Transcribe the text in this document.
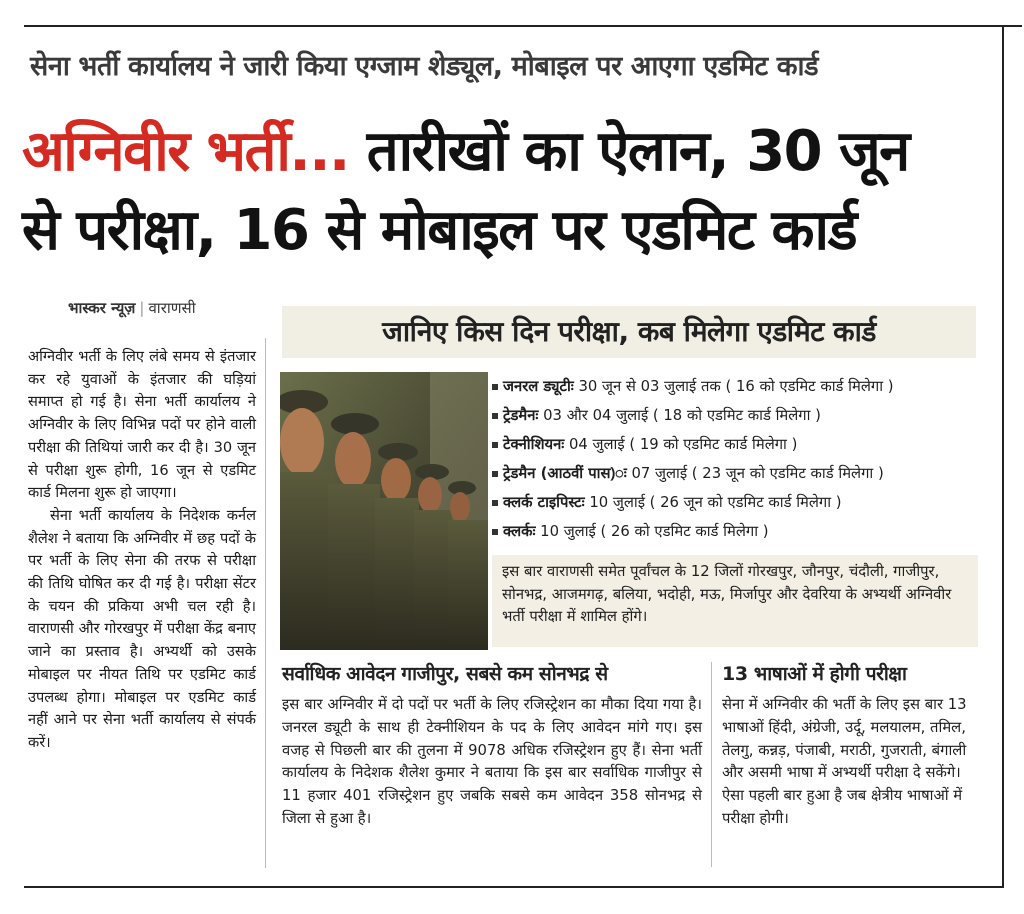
सेना भर्ती कार्यालय ने जारी किया एग्जाम शेड्यूल, मोबाइल पर आएगा एडमिट कार्ड
अग्निवीर भर्ती... तारीखों का ऐलान, 30 जून
से परीक्षा, 16 से मोबाइल पर एडमिट कार्ड
भास्कर न्यूज़ | वाराणसी

अग्निवीर भर्ती के लिए लंबे समय से इंतजार कर रहे युवाओं के इंतजार की घड़ियां समाप्त हो गई है। सेना भर्ती कार्यालय ने अग्निवीर के लिए विभिन्न पदों पर होने वाली परीक्षा की तिथियां जारी कर दी है। 30 जून से परीक्षा शुरू होगी, 16 जून से एडमिट कार्ड मिलना शुरू हो जाएगा।

सेना भर्ती कार्यालय के निदेशक कर्नल शैलेश ने बताया कि अग्निवीर में छह पदों के पर भर्ती के लिए सेना की तरफ से परीक्षा की तिथि घोषित कर दी गई है। परीक्षा सेंटर के चयन की प्रकिया अभी चल रही है। वाराणसी और गोरखपुर में परीक्षा केंद्र बनाए जाने का प्रस्ताव है। अभ्यर्थी को उसके मोबाइल पर नीयत तिथि पर एडमिट कार्ड उपलब्ध होगा। मोबाइल पर एडमिट कार्ड नहीं आने पर सेना भर्ती कार्यालय से संपर्क करें।

जानिए किस दिन परीक्षा, कब मिलेगा एडमिट कार्ड
जनरल ड्यूटीः 30 जून से 03 जुलाई तक ( 16 को एडमिट कार्ड मिलेगा )
ट्रेडमैनः 03 और 04 जुलाई ( 18 को एडमिट कार्ड मिलेगा )
टेक्नीशियनः 04 जुलाई ( 19 को एडमिट कार्ड मिलेगा )
ट्रेडमैन (आठवीं पास)ः 07 जुलाई ( 23 जून को एडमिट कार्ड मिलेगा )
क्लर्क टाइपिस्टः 10 जुलाई ( 26 जून को एडमिट कार्ड मिलेगा )
क्लर्कः 10 जुलाई ( 26 को एडमिट कार्ड मिलेगा )
इस बार वाराणसी समेत पूर्वांचल के 12 जिलों गोरखपुर, जौनपुर, चंदौली, गाजीपुर, सोनभद्र, आजमगढ़, बलिया, भदोही, मऊ, मिर्जापुर और देवरिया के अभ्यर्थी अग्निवीर भर्ती परीक्षा में शामिल होंगे।
सर्वाधिक आवेदन गाजीपुर, सबसे कम सोनभद्र से
इस बार अग्निवीर में दो पदों पर भर्ती के लिए रजिस्ट्रेशन का मौका दिया गया है। जनरल ड्यूटी के साथ ही टेक्नीशियन के पद के लिए आवेदन मांगे गए। इस वजह से पिछली बार की तुलना में 9078 अधिक रजिस्ट्रेशन हुए हैं। सेना भर्ती कार्यालय के निदेशक शैलेश कुमार ने बताया कि इस बार सर्वाधिक गाजीपुर से 11 हजार 401 रजिस्ट्रेशन हुए जबकि सबसे कम आवेदन 358 सोनभद्र से जिला से हुआ है।
13 भाषाओं में होगी परीक्षा
सेना में अग्निवीर की भर्ती के लिए इस बार 13 भाषाओं हिंदी, अंग्रेजी, उर्दू, मलयालम, तमिल, तेलगु, कन्नड़, पंजाबी, मराठी, गुजराती, बंगाली और असमी भाषा में अभ्यर्थी परीक्षा दे सकेंगे। ऐसा पहली बार हुआ है जब क्षेत्रीय भाषाओं में परीक्षा होगी।
